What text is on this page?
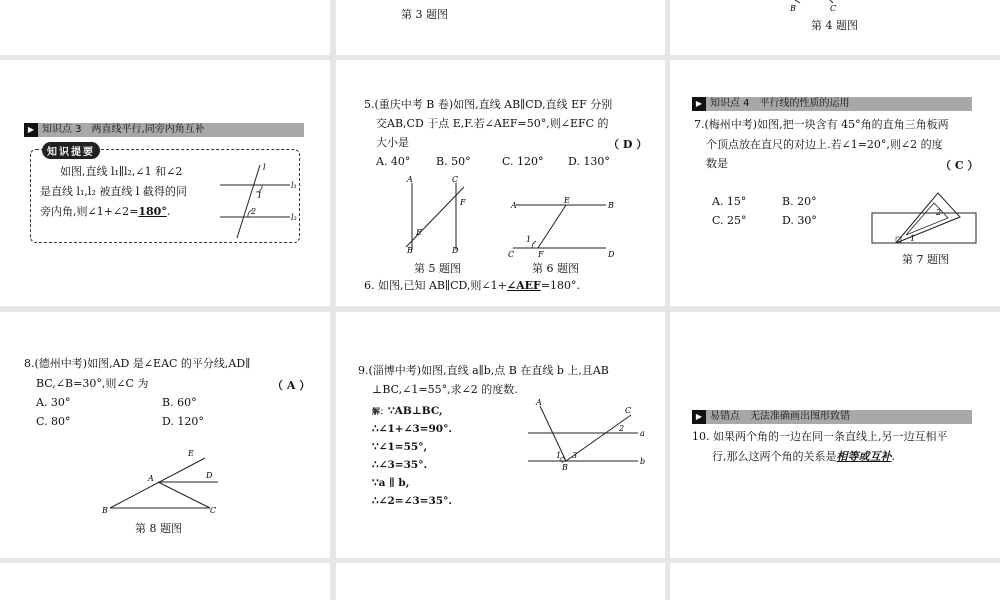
第 3 题图	B	C
第 4 题图
▶ 知识点 3　两直线平行,同旁内角互补
知识提要
如图,直线 l₁∥l₂,∠1 和∠2
是直线 l₁,l₂ 被直线 l 截得的同
旁内角,则∠1+∠2=180°.
l
l₁
l₂
1
2
5.(重庆中考 B 卷)如图,直线 AB∥CD,直线 EF 分别
交AB,CD 于点 E,F.若∠AEF=50°,则∠EFC 的
大小是	（ D ）
A. 40° B. 50°	C. 120° D. 130°
A	C
F
E
B	D
第 5 题图
A
E
B
1
C	F	D
第 6 题图
6. 如图,已知 AB∥CD,则∠1+∠AEF=180°.
▶ 知识点 4　平行线的性质的运用
7.(梅州中考)如图,把一块含有 45°角的直角三角板两
个顶点放在直尺的对边上.若∠1=20°,则∠2 的度
数是	（ C ）
A. 15°	B. 20°
C. 25°	D. 30°
2
1
第 7 题图
8.(德州中考)如图,AD 是∠EAC 的平分线,AD∥
BC,∠B=30°,则∠C 为	（ A ）
A. 30°	B. 60°
C. 80°	D. 120°
E
A	D
B	C
第 8 题图
9.(淄博中考)如图,直线 a∥b,点 B 在直线 b 上,且AB
⊥BC,∠1=55°,求∠2 的度数.
解：∵AB⊥BC,
∴∠1+∠3=90°.
∵∠1=55°,
∴∠3=35°.
∵a ∥ b,
∴∠2=∠3=35°.
A
C
2
a
1 3
B
b
▶ 易错点　无法准确画出图形致错
10. 如果两个角的一边在同一条直线上,另一边互相平
行,那么这两个角的关系是相等或互补.
